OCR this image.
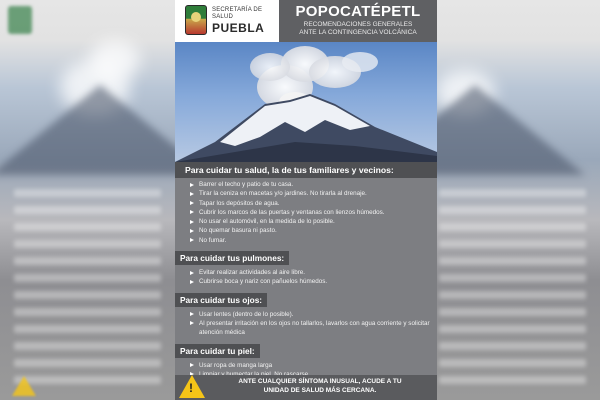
SECRETARÍA DE
SALUD
PUEBLA
POPOCATÉPETL
RECOMENDACIONES GENERALES
ANTE LA CONTINGENCIA VOLCÁNICA
Para cuidar tu salud, la de tus familiares y vecinos:
Barrer el techo y patio de tu casa.
Tirar la ceniza en macetas y/o jardines. No tirarla al drenaje.
Tapar los depósitos de agua.
Cubrir los marcos de las puertas y ventanas con lienzos húmedos.
No usar el automóvil, en la medida de lo posible.
No quemar basura ni pasto.
No fumar.
Para cuidar tus pulmones:
Evitar realizar actividades al aire libre.
Cubrirse boca y nariz con pañuelos húmedos.
Para cuidar tus ojos:
Usar lentes (dentro de lo posible).
Al presentar irritación en los ojos no tallarlos, lavarlos con agua corriente y solicitar atención médica
Para cuidar tu piel:
Usar ropa de manga larga
!	ANTE CUALQUIER SÍNTOMA INUSUAL, ACUDE A TU
UNIDAD DE SALUD MÁS CERCANA.
